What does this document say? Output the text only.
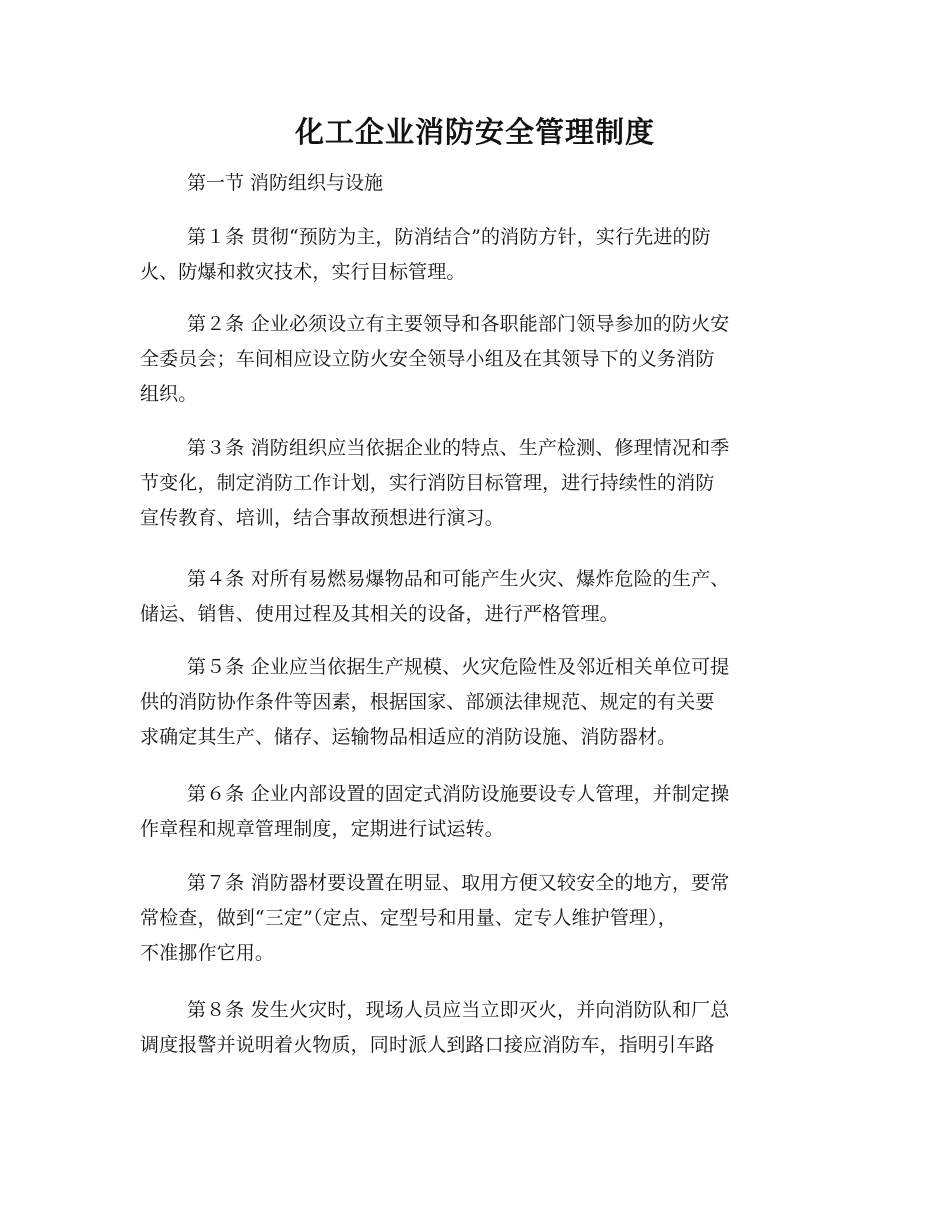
化工企业消防安全管理制度
第一节 消防组织与设施
第１条 贯彻“预防为主，防消结合”的消防方针，实行先进的防
火、防爆和救灾技术，实行目标管理。
第２条 企业必须设立有主要领导和各职能部门领导参加的防火安
全委员会；车间相应设立防火安全领导小组及在其领导下的义务消防
组织。
第３条 消防组织应当依据企业的特点、生产检测、修理情况和季
节变化，制定消防工作计划，实行消防目标管理，进行持续性的消防
宣传教育、培训，结合事故预想进行演习。
第４条 对所有易燃易爆物品和可能产生火灾、爆炸危险的生产、
储运、销售、使用过程及其相关的设备，进行严格管理。
第５条 企业应当依据生产规模、火灾危险性及邻近相关单位可提
供的消防协作条件等因素，根据国家、部颁法律规范、规定的有关要
求确定其生产、储存、运输物品相适应的消防设施、消防器材。
第６条 企业内部设置的固定式消防设施要设专人管理，并制定操
作章程和规章管理制度，定期进行试运转。
第７条 消防器材要设置在明显、取用方便又较安全的地方，要常
常检查，做到“三定”（定点、定型号和用量、定专人维护管理），
不准挪作它用。
第８条 发生火灾时，现场人员应当立即灭火，并向消防队和厂总
调度报警并说明着火物质，同时派人到路口接应消防车，指明引车路
